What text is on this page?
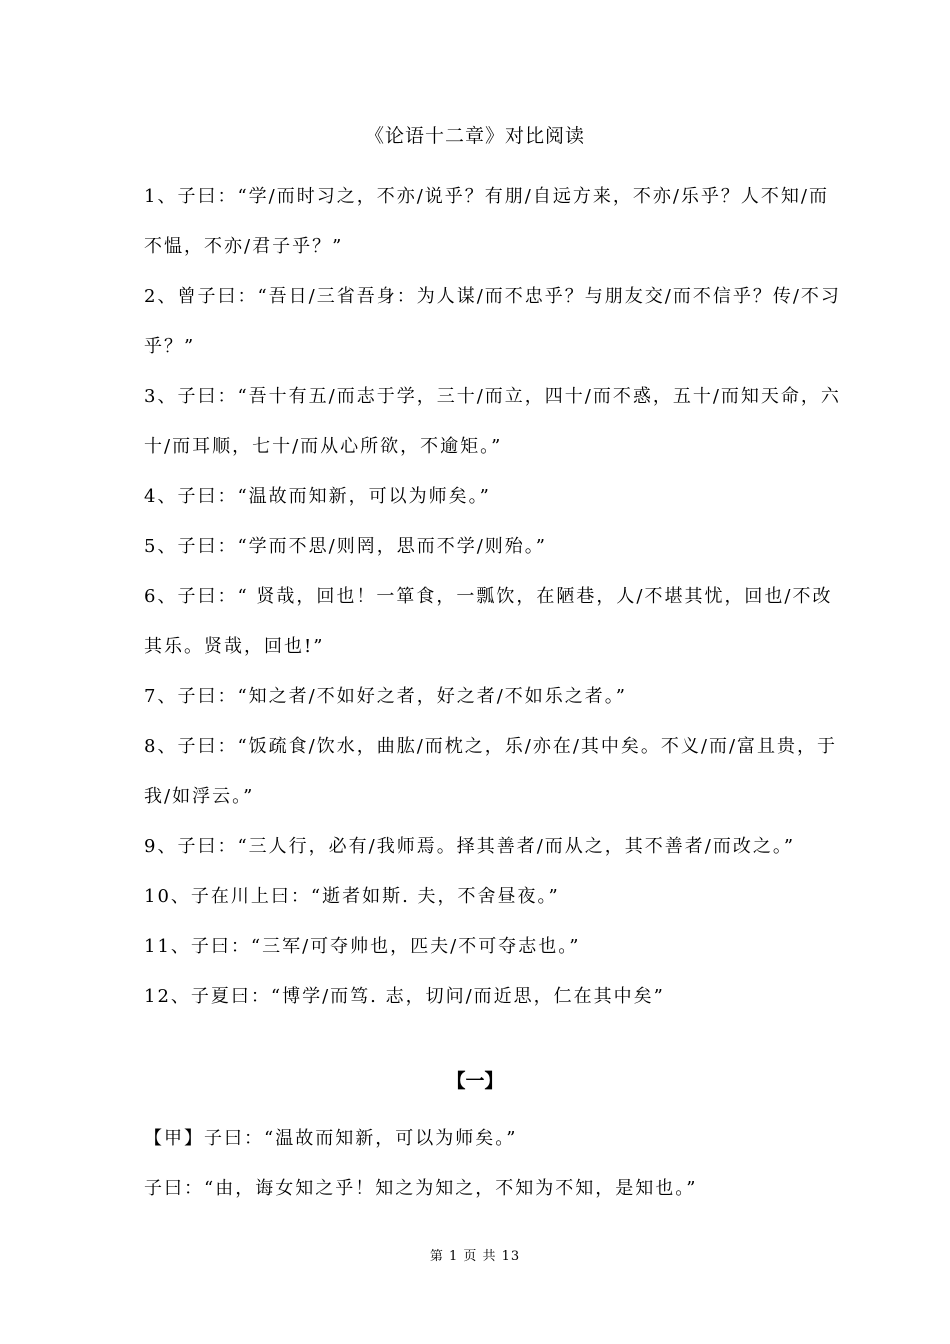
《论语十二章》对比阅读

1、子曰：“学/而时习之，不亦/说乎？有朋/自远方来，不亦/乐乎？人不知/而不愠，不亦/君子乎？”

2、曾子曰：“吾日/三省吾身：为人谋/而不忠乎？与朋友交/而不信乎？传/不习乎？”

3、子曰：“吾十有五/而志于学，三十/而立，四十/而不惑，五十/而知天命，六十/而耳顺，七十/而从心所欲，不逾矩。”

4、子曰：“温故而知新，可以为师矣。”

5、子曰：“学而不思/则罔，思而不学/则殆。”

6、子曰：“ 贤哉，回也！一箪食，一瓢饮，在陋巷，人/不堪其忧，回也/不改其乐。贤哉，回也!”

7、子曰：“知之者/不如好之者，好之者/不如乐之者。”

8、子曰：“饭疏食/饮水，曲肱/而枕之，乐/亦在/其中矣。不义/而/富且贵，于我/如浮云。”

9、子曰：“三人行，必有/我师焉。择其善者/而从之，其不善者/而改之。”

10、子在川上曰：“逝者如斯. 夫，不舍昼夜。”

11、子曰：“三军/可夺帅也，匹夫/不可夺志也。”

12、子夏曰：“博学/而笃. 志，切问/而近思，仁在其中矣”

【一】

【甲】子曰：“温故而知新，可以为师矣。”

子曰：“由，诲女知之乎！知之为知之，不知为不知，是知也。”

第 1 页 共 13
